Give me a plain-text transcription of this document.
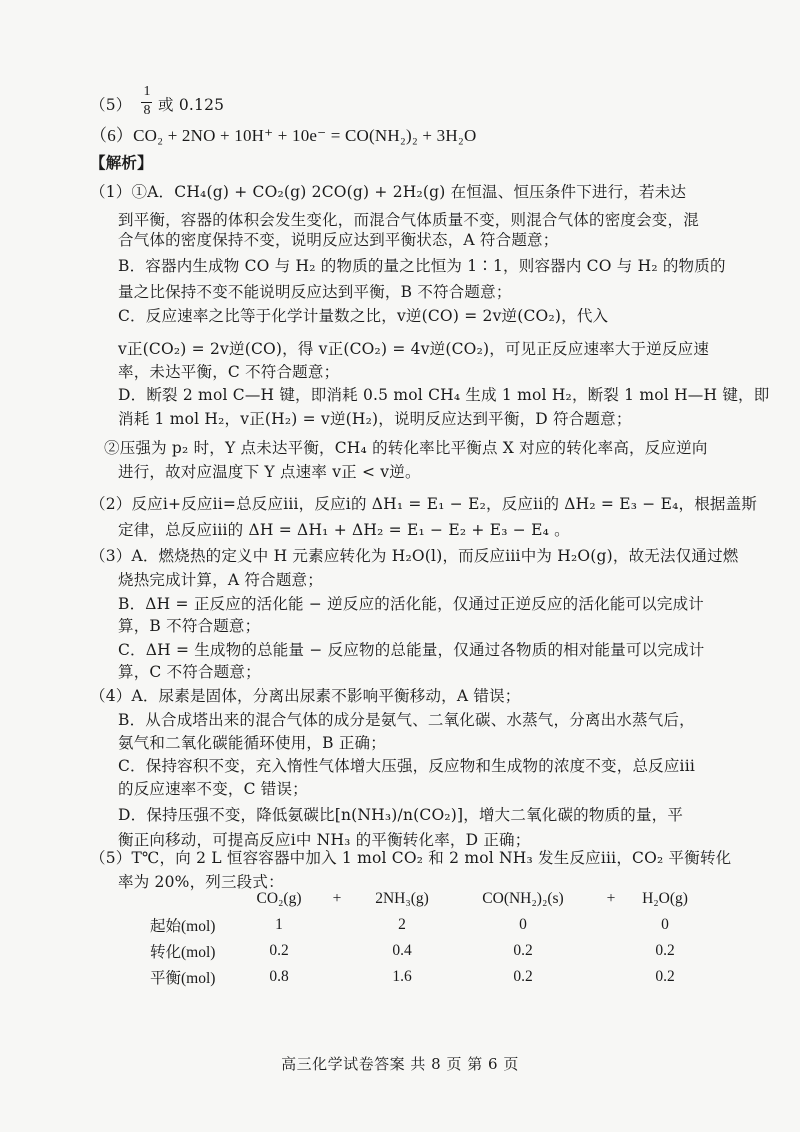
（5）
1
8 或 0.125
（6）CO₂ + 2NO + 10H⁺ + 10e⁻ = CO(NH₂)₂ + 3H₂O
【解析】
（1）①A．CH₄(g) + CO₂(g) 2CO(g) + 2H₂(g) 在恒温、恒压条件下进行，若未达
到平衡，容器的体积会发生变化，而混合气体质量不变，则混合气体的密度会变，混
合气体的密度保持不变，说明反应达到平衡状态，A 符合题意；
B．容器内生成物 CO 与 H₂ 的物质的量之比恒为 1∶1，则容器内 CO 与 H₂ 的物质的
量之比保持不变不能说明反应达到平衡，B 不符合题意；
C．反应速率之比等于化学计量数之比，v逆(CO) = 2v逆(CO₂)，代入
v正(CO₂) = 2v逆(CO)，得 v正(CO₂) = 4v逆(CO₂)，可见正反应速率大于逆反应速
率，未达平衡，C 不符合题意；
D．断裂 2 mol C—H 键，即消耗 0.5 mol CH₄ 生成 1 mol H₂，断裂 1 mol H—H 键，即
消耗 1 mol H₂，v正(H₂) = v逆(H₂)，说明反应达到平衡，D 符合题意；
②压强为 p₂ 时，Y 点未达平衡，CH₄ 的转化率比平衡点 X 对应的转化率高，反应逆向
进行，故对应温度下 Y 点速率 v正 < v逆。
（2）反应i+反应ii=总反应iii，反应i的 ΔH₁ = E₁ − E₂，反应ii的 ΔH₂ = E₃ − E₄，根据盖斯
定律，总反应iii的 ΔH = ΔH₁ + ΔH₂ = E₁ − E₂ + E₃ − E₄ 。
（3）A．燃烧热的定义中 H 元素应转化为 H₂O(l)，而反应iii中为 H₂O(g)，故无法仅通过燃
烧热完成计算，A 符合题意；
B．ΔH = 正反应的活化能 − 逆反应的活化能，仅通过正逆反应的活化能可以完成计
算，B 不符合题意；
C．ΔH = 生成物的总能量 − 反应物的总能量，仅通过各物质的相对能量可以完成计
算，C 不符合题意；
（4）A．尿素是固体，分离出尿素不影响平衡移动，A 错误；
B．从合成塔出来的混合气体的成分是氨气、二氧化碳、水蒸气，分离出水蒸气后，
氨气和二氧化碳能循环使用，B 正确；
C．保持容积不变，充入惰性气体增大压强，反应物和生成物的浓度不变，总反应iii
的反应速率不变，C 错误；
D．保持压强不变，降低氨碳比[n(NH₃)/n(CO₂)]，增大二氧化碳的物质的量，平
衡正向移动，可提高反应i中 NH₃ 的平衡转化率，D 正确；
（5）T℃，向 2 L 恒容容器中加入 1 mol CO₂ 和 2 mol NH₃ 发生反应iii，CO₂ 平衡转化
率为 20%，列三段式：
	CO₂(g)	+	2NH₃(g)	CO(NH₂)₂(s)	+	H₂O(g)
起始(mol)	1		2	0		0
转化(mol)	0.2		0.4	0.2		0.2
平衡(mol)	0.8		1.6	0.2		0.2
高三化学试卷答案 共 8 页 第 6 页
